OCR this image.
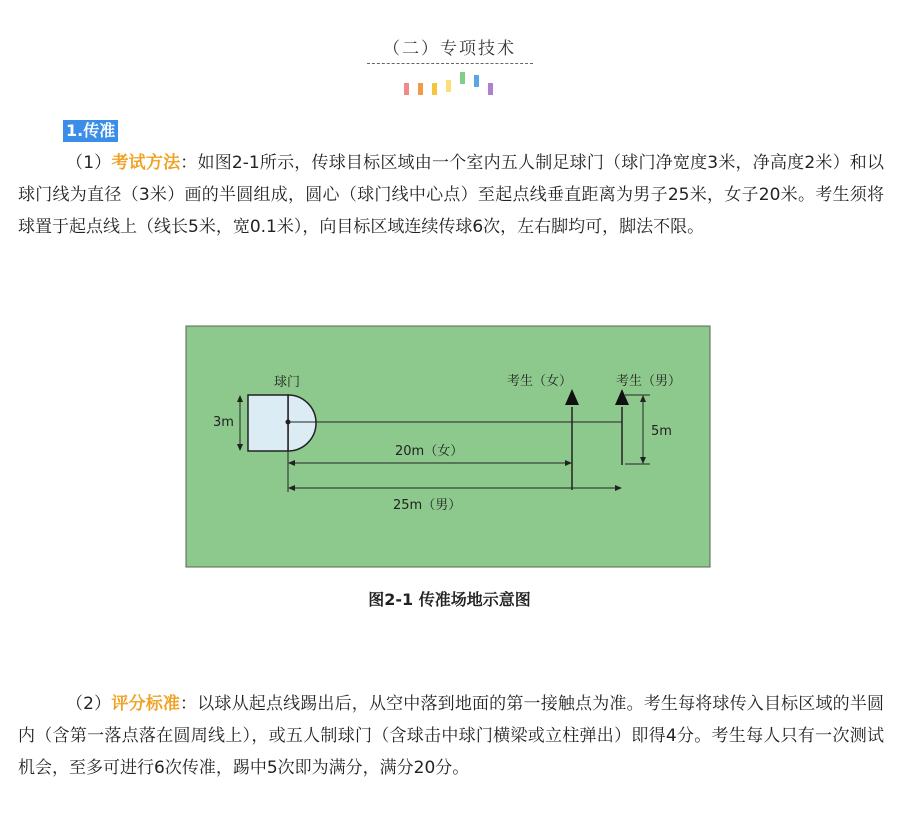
（二）专项技术
1.传准

（1）考试方法：如图2-1所示，传球目标区域由一个室内五人制足球门（球门净宽度3米，净高度2米）和以球门线为直径（3米）画的半圆组成，圆心（球门线中心点）至起点线垂直距离为男子25米，女子20米。考生须将球置于起点线上（线长5米，宽0.1米），向目标区域连续传球6次，左右脚均可，脚法不限。

球门
3m
考生（女）	考生（男）
5m
20m（女）
25m（男）
图2-1 传准场地示意图

（2）评分标准：以球从起点线踢出后，从空中落到地面的第一接触点为准。考生每将球传入目标区域的半圆内（含第一落点落在圆周线上），或五人制球门（含球击中球门横梁或立柱弹出）即得4分。考生每人只有一次测试机会，至多可进行6次传准，踢中5次即为满分，满分20分。
